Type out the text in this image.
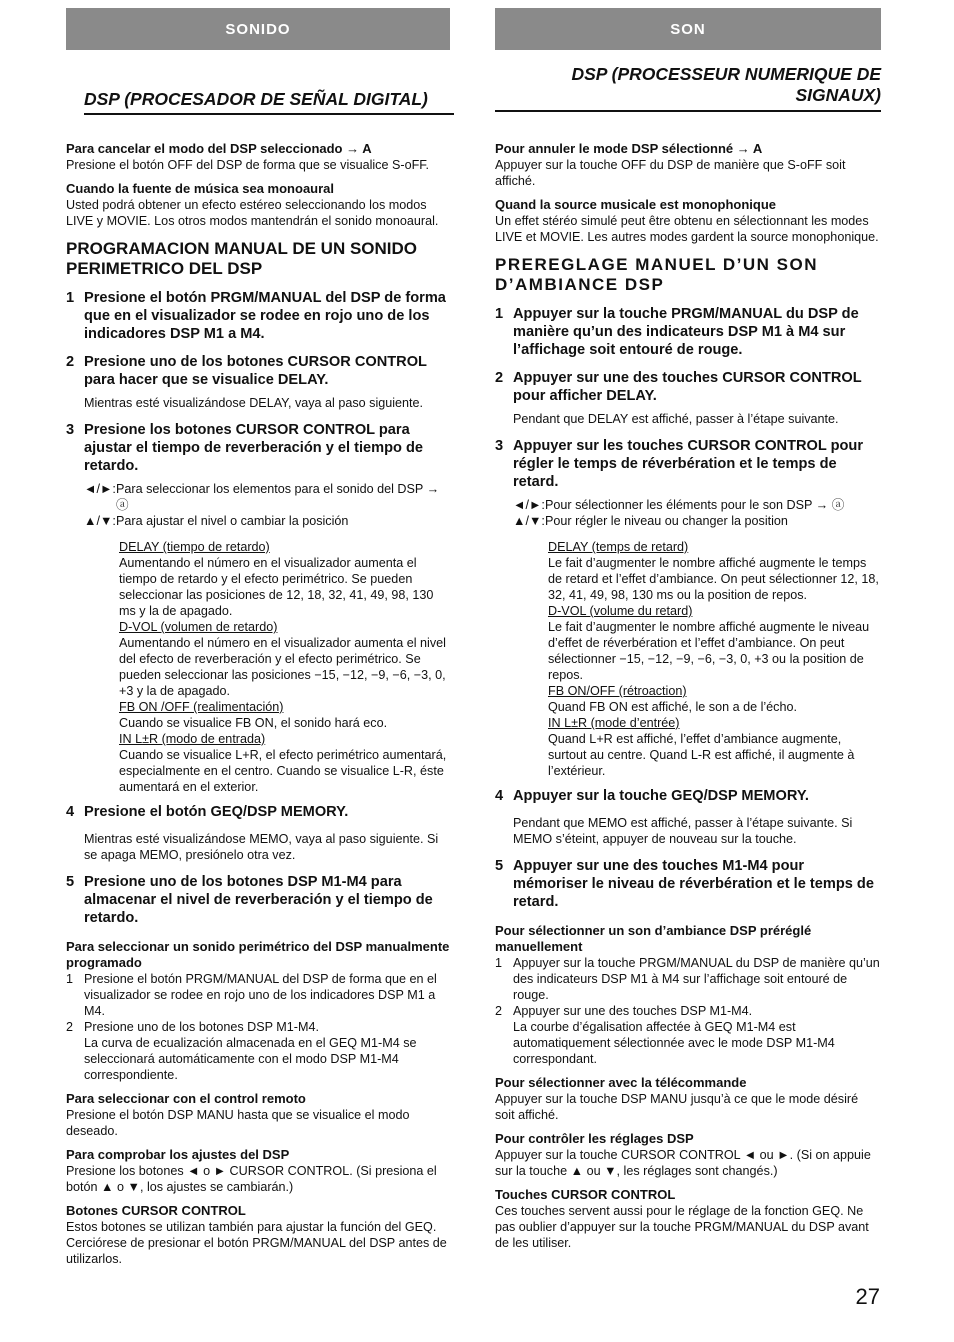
SONIDO
DSP (PROCESADOR DE SEÑAL DIGITAL)

Para cancelar el modo del DSP seleccionado → A

Presione el botón OFF del DSP de forma que se visualice S-oFF.

Cuando la fuente de música sea monoaural

Usted podrá obtener un efecto estéreo seleccionando los modos LIVE y MOVIE. Los otros modos mantendrán el sonido monoaural.

PROGRAMACION MANUAL DE UN SONIDO PERIMETRICO DEL DSP

1 Presione el botón PRGM/MANUAL del DSP de forma que en el visualizador se rodee en rojo uno de los indicadores DSP M1 a M4.
2 Presione uno de los botones CURSOR CONTROL para hacer que se visualice DELAY.

Mientras esté visualizándose DELAY, vaya al paso siguiente.

3 Presione los botones CURSOR CONTROL para ajustar el tiempo de reverberación y el tiempo de retardo.
◄/►: Para seleccionar los elementos para el sonido del DSP → ⓐ
▲/▼: Para ajustar el nivel o cambiar la posición
DELAY (tiempo de retardo)
Aumentando el número en el visualizador aumenta el tiempo de retardo y el efecto perimétrico. Se pueden seleccionar las posiciones de 12, 18, 32, 41, 49, 98, 130 ms y la de apagado.
D-VOL (volumen de retardo)
Aumentando el número en el visualizador aumenta el nivel del efecto de reverberación y el efecto perimétrico. Se pueden seleccionar las posiciones −15, −12, −9, −6, −3, 0, +3 y la de apagado.
FB ON /OFF (realimentación)
Cuando se visualice FB ON, el sonido hará eco.
IN L±R (modo de entrada)
Cuando se visualice L+R, el efecto perimétrico aumentará, especialmente en el centro. Cuando se visualice L-R, éste aumentará en el exterior.
4 Presione el botón GEQ/DSP MEMORY.

Mientras esté visualizándose MEMO, vaya al paso siguiente. Si se apaga MEMO, presiónelo otra vez.

5 Presione uno de los botones DSP M1-M4 para almacenar el nivel de reverberación y el tiempo de retardo.

Para seleccionar un sonido perimétrico del DSP manualmente programado

1 Presione el botón PRGM/MANUAL del DSP de forma que en el visualizador se rodee en rojo uno de los indicadores DSP M1 a M4.
2 Presione uno de los botones DSP M1-M4.

La curva de ecualización almacenada en el GEQ M1-M4 se seleccionará automáticamente con el modo DSP M1-M4 correspondiente.

Para seleccionar con el control remoto

Presione el botón DSP MANU hasta que se visualice el modo deseado.

Para comprobar los ajustes del DSP

Presione los botones ◄ o ► CURSOR CONTROL. (Si presiona el botón ▲ o ▼, los ajustes se cambiarán.)

Botones CURSOR CONTROL

Estos botones se utilizan también para ajustar la función del GEQ. Cerciórese de presionar el botón PRGM/MANUAL del DSP antes de utilizarlos.

SON
DSP (PROCESSEUR NUMERIQUE DE
SIGNAUX)

Pour annuler le mode DSP sélectionné → A

Appuyer sur la touche OFF du DSP de manière que S-oFF soit affiché.

Quand la source musicale est monophonique

Un effet stéréo simulé peut être obtenu en sélectionnant les modes LIVE et MOVIE. Les autres modes gardent la source monophonique.

PREREGLAGE MANUEL D’UN SON D’AMBIANCE DSP

1 Appuyer sur la touche PRGM/MANUAL du DSP de manière qu’un des indicateurs DSP M1 à M4 sur l’affichage soit entouré de rouge.
2 Appuyer sur une des touches CURSOR CONTROL pour afficher DELAY.

Pendant que DELAY est affiché, passer à l’étape suivante.

3 Appuyer sur les touches CURSOR CONTROL pour régler le temps de réverbération et le temps de retard.
◄/►: Pour sélectionner les éléments pour le son DSP → ⓐ
▲/▼: Pour régler le niveau ou changer la position
DELAY (temps de retard)
Le fait d’augmenter le nombre affiché augmente le temps de retard et l’effet d’ambiance. On peut sélectionner 12, 18, 32, 41, 49, 98, 130 ms ou la position de repos.
D-VOL (volume du retard)
Le fait d’augmenter le nombre affiché augmente le niveau d’effet de réverbération et l’effet d’ambiance. On peut sélectionner −15, −12, −9, −6, −3, 0, +3 ou la position de repos.
FB ON/OFF (rétroaction)
Quand FB ON est affiché, le son a de l’écho.
IN L±R (mode d’entrée)
Quand L+R est affiché, l’effet d’ambiance augmente, surtout au centre. Quand L-R est affiché, il augmente à l’extérieur.
4 Appuyer sur la touche GEQ/DSP MEMORY.

Pendant que MEMO est affiché, passer à l’étape suivante. Si MEMO s’éteint, appuyer de nouveau sur la touche.

5 Appuyer sur une des touches M1-M4 pour mémoriser le niveau de réverbération et le temps de retard.

Pour sélectionner un son d’ambiance DSP préréglé manuellement

1 Appuyer sur la touche PRGM/MANUAL du DSP de manière qu’un des indicateurs DSP M1 à M4 sur l’affichage soit entouré de rouge.
2 Appuyer sur une des touches DSP M1-M4.

La courbe d’égalisation affectée à GEQ M1-M4 est automatiquement sélectionnée avec le mode DSP M1-M4 correspondant.

Pour sélectionner avec la télécommande

Appuyer sur la touche DSP MANU jusqu’à ce que le mode désiré soit affiché.

Pour contrôler les réglages DSP

Appuyer sur la touche CURSOR CONTROL ◄ ou ►. (Si on appuie sur la touche ▲ ou ▼, les réglages sont changés.)

Touches CURSOR CONTROL

Ces touches servent aussi pour le réglage de la fonction GEQ. Ne pas oublier d’appuyer sur la touche PRGM/MANUAL du DSP avant de les utiliser.

27
